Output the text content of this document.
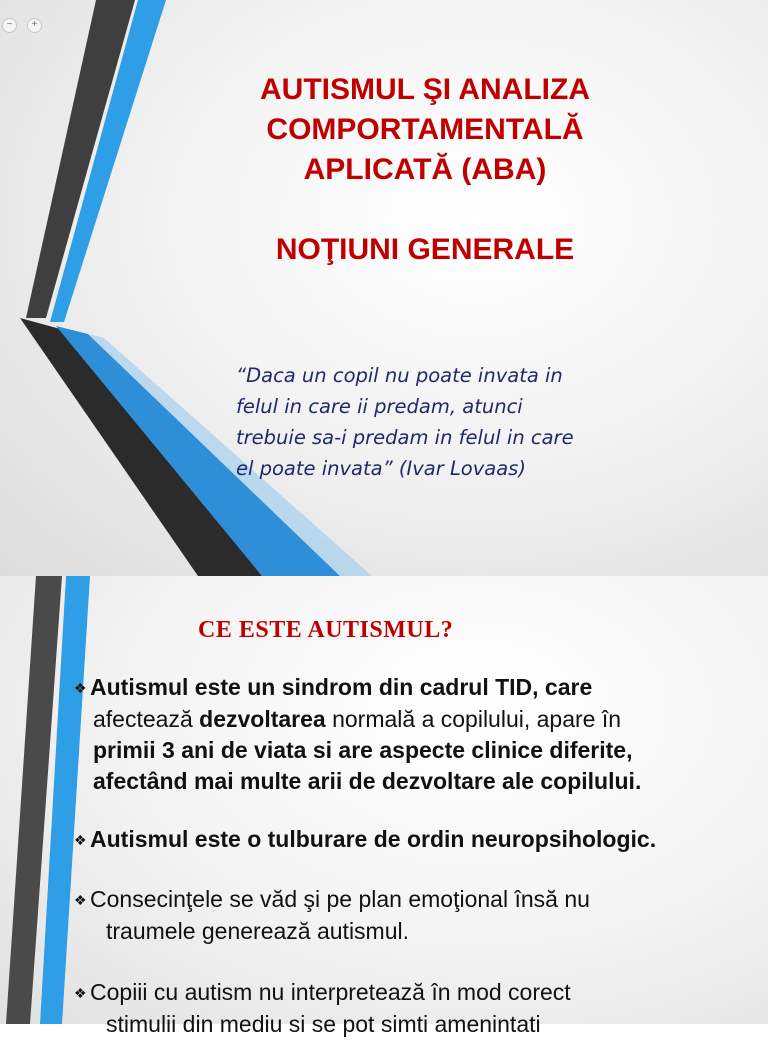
−	+
AUTISMUL ŞI ANALIZA
COMPORTAMENTALĂ
APLICATĂ (ABA)
NOŢIUNI GENERALE
“Daca un copil nu poate invata in
felul in care ii predam, atunci
trebuie sa-i predam in felul in care
el poate invata” (Ivar Lovaas)
CE ESTE AUTISMUL?
❖ Autismul este un sindrom din cadrul TID, care
afectează dezvoltarea normală a copilului, apare în
primii 3 ani de viata si are aspecte clinice diferite,
afectând mai multe arii de dezvoltare ale copilului.
❖ Autismul este o tulburare de ordin neuropsihologic.
❖ Consecinţele se văd şi pe plan emoţional însă nu
traumele generează autismul.
❖ Copiii cu autism nu interpretează în mod corect
stimulii din mediu si se pot simti amenintati
